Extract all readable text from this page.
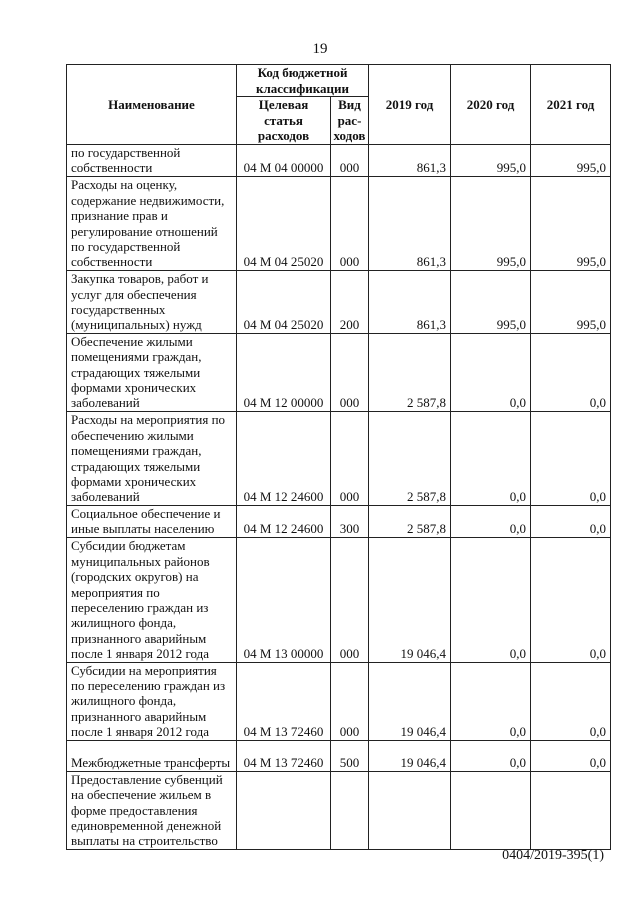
19
Наименование	Код бюджетной классификации		2019 год	2020 год	2021 год
	Целевая статья расходов	Вид рас-ходов			
по государственной собственности	04 М 04 00000	000	861,3	995,0	995,0
Расходы на оценку, содержание недвижимости, признание прав и регулирование отношений по государственной собственности	04 М 04 25020	000	861,3	995,0	995,0
Закупка товаров, работ и услуг для обеспечения государственных (муниципальных) нужд	04 М 04 25020	200	861,3	995,0	995,0
Обеспечение жилыми помещениями граждан, страдающих тяжелыми формами хронических заболеваний	04 М 12 00000	000	2 587,8	0,0	0,0
Расходы на мероприятия по обеспечению жилыми помещениями граждан, страдающих тяжелыми формами хронических заболеваний	04 М 12 24600	000	2 587,8	0,0	0,0
Социальное обеспечение и иные выплаты населению	04 М 12 24600	300	2 587,8	0,0	0,0
Субсидии бюджетам муниципальных районов (городских округов) на мероприятия по переселению граждан из жилищного фонда, признанного аварийным после 1 января 2012 года	04 М 13 00000	000	19 046,4	0,0	0,0
Субсидии на мероприятия по переселению граждан из жилищного фонда, признанного аварийным после 1 января 2012 года	04 М 13 72460	000	19 046,4	0,0	0,0
Межбюджетные трансферты	04 М 13 72460	500	19 046,4	0,0	0,0
Предоставление субвенций на обеспечение жильем в форме предоставления единовременной денежной выплаты на строительство					
0404/2019-395(1)
